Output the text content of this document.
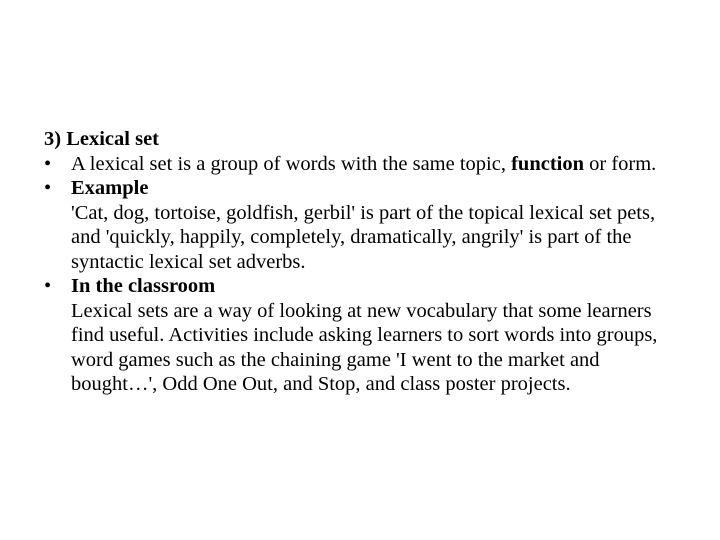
3) Lexical set

• A lexical set is a group of words with the same topic, function or form.
• Example
'Cat, dog, tortoise, goldfish, gerbil' is part of the topical lexical set pets, and 'quickly, happily, completely, dramatically, angrily' is part of the syntactic lexical set adverbs.
• In the classroom
Lexical sets are a way of looking at new vocabulary that some learners find useful. Activities include asking learners to sort words into groups, word games such as the chaining game 'I went to the market and bought…', Odd One Out, and Stop, and class poster projects.
